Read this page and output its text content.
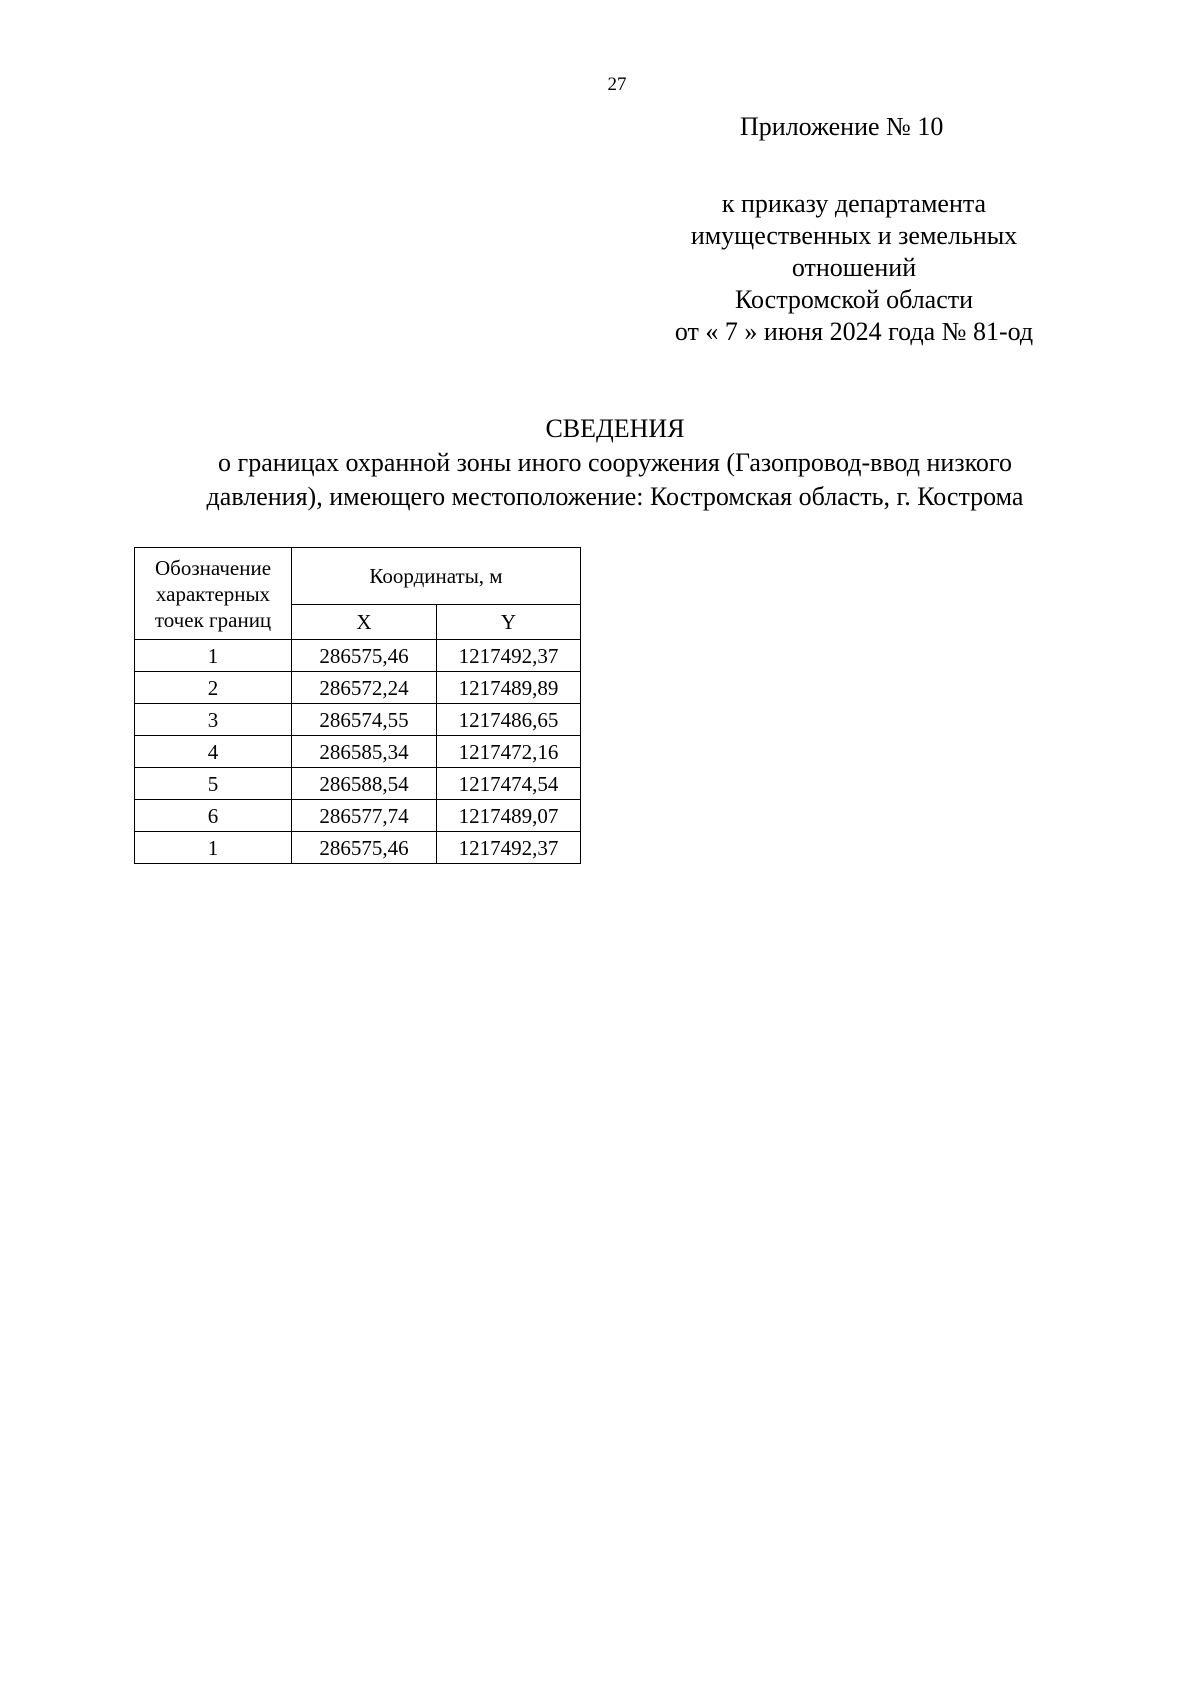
27
Приложение № 10
к приказу департамента
имущественных и земельных
отношений
Костромской области
от « 7 » июня 2024 года № 81-од
СВЕДЕНИЯ
о границах охранной зоны иного сооружения (Газопровод-ввод низкого
давления), имеющего местоположение: Костромская область, г. Кострома
Обозначение
характерных
точек границ	Координаты, м	
	X	Y
1	286575,46	1217492,37
2	286572,24	1217489,89
3	286574,55	1217486,65
4	286585,34	1217472,16
5	286588,54	1217474,54
6	286577,74	1217489,07
1	286575,46	1217492,37
